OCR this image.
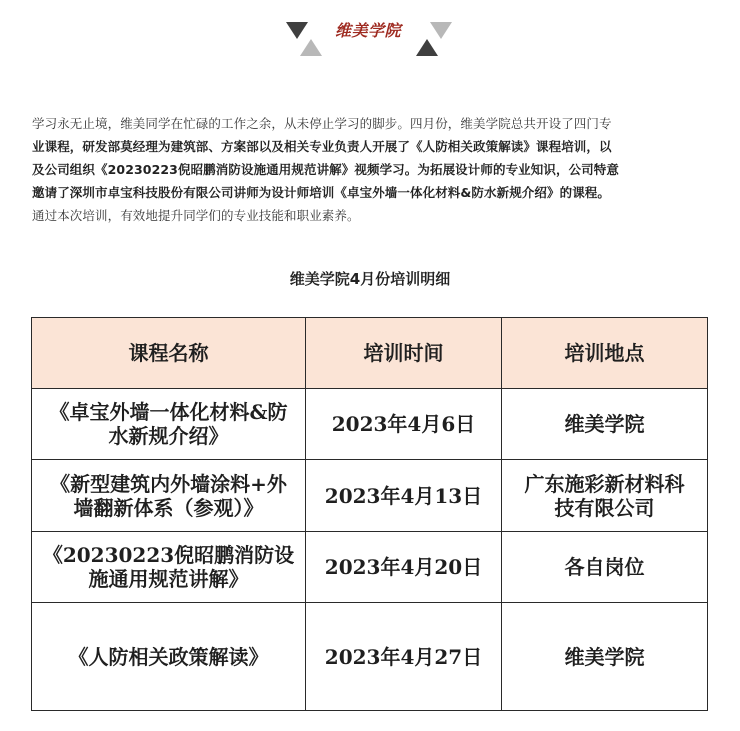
维美学院
学习永无止境，维美同学在忙碌的工作之余，从未停止学习的脚步。四月份，维美学院总共开设了四门专
业课程，研发部莫经理为建筑部、方案部以及相关专业负责人开展了《人防相关政策解读》课程培训，以
及公司组织《20230223倪昭鹏消防设施通用规范讲解》视频学习。为拓展设计师的专业知识，公司特意
邀请了深圳市卓宝科技股份有限公司讲师为设计师培训《卓宝外墙一体化材料&防水新规介绍》的课程。
通过本次培训，有效地提升同学们的专业技能和职业素养。
维美学院4月份培训明细
课程名称	培训时间	培训地点
《卓宝外墙一体化材料&防
水新规介绍》	2023年4月6日	维美学院
《新型建筑内外墙涂料+外
墙翻新体系（参观）》	2023年4月13日	广东施彩新材料科
技有限公司
《20230223倪昭鹏消防设
施通用规范讲解》	2023年4月20日	各自岗位
《人防相关政策解读》	2023年4月27日	维美学院
